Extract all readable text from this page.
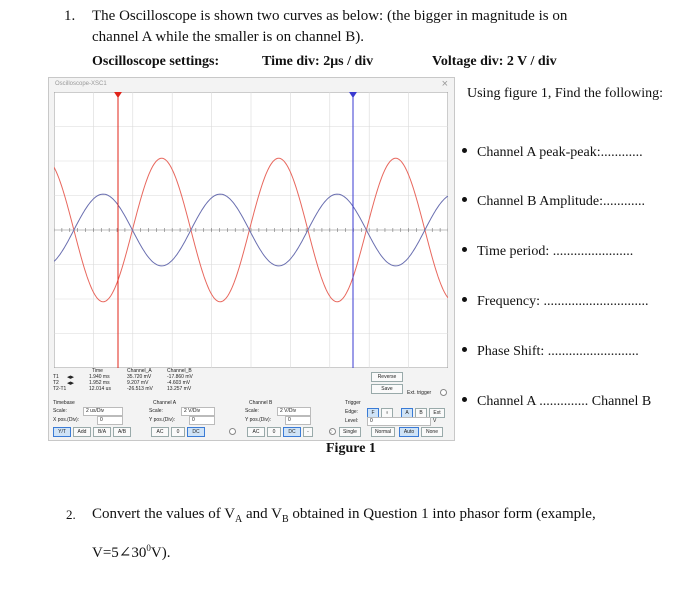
1. The Oscilloscope is shown two curves as below: (the bigger in magnitude is on
channel A while the smaller is on channel B).
Oscilloscope settings:	Time div: 2μs / div	Voltage div: 2 V / div
Oscilloscope-XSC1	×
Time	Channel_A	Channel_B
T1 ◂▸	1.940 ms	35.720 mV	-17.860 mV
T2 ◂▸	1.952 ms	9.207 mV	-4.603 mV
T2-T1	12.014 us	-26.513 mV	13.257 mV
Reverse
Save
Ext. trigger
Timebase
Scale:	2 us/Div
X pos.(Div):	0
Y/T	Add	B/A	A/B
Channel A
Scale:	2 V/Div
Y pos.(Div):	0
AC	0	DC
Channel B
Scale:	2 V/Div
Y pos.(Div):	0
AC	0	DC	-
Trigger
Edge:	F	ᵻ	A	B	Ext
Level:	0	V
○	Single	Normal	Auto	None
Figure 1
Using figure 1, Find the following:
Channel A peak-peak:............
Channel B Amplitude:............
Time period: .......................
Frequency: ..............................
Phase Shift: ..........................
Channel A .............. Channel B
2. Convert the values of $V_A$ and $V_B$ obtained in Question 1 into phasor form (example,
$V=5\angle 30^0V$).
